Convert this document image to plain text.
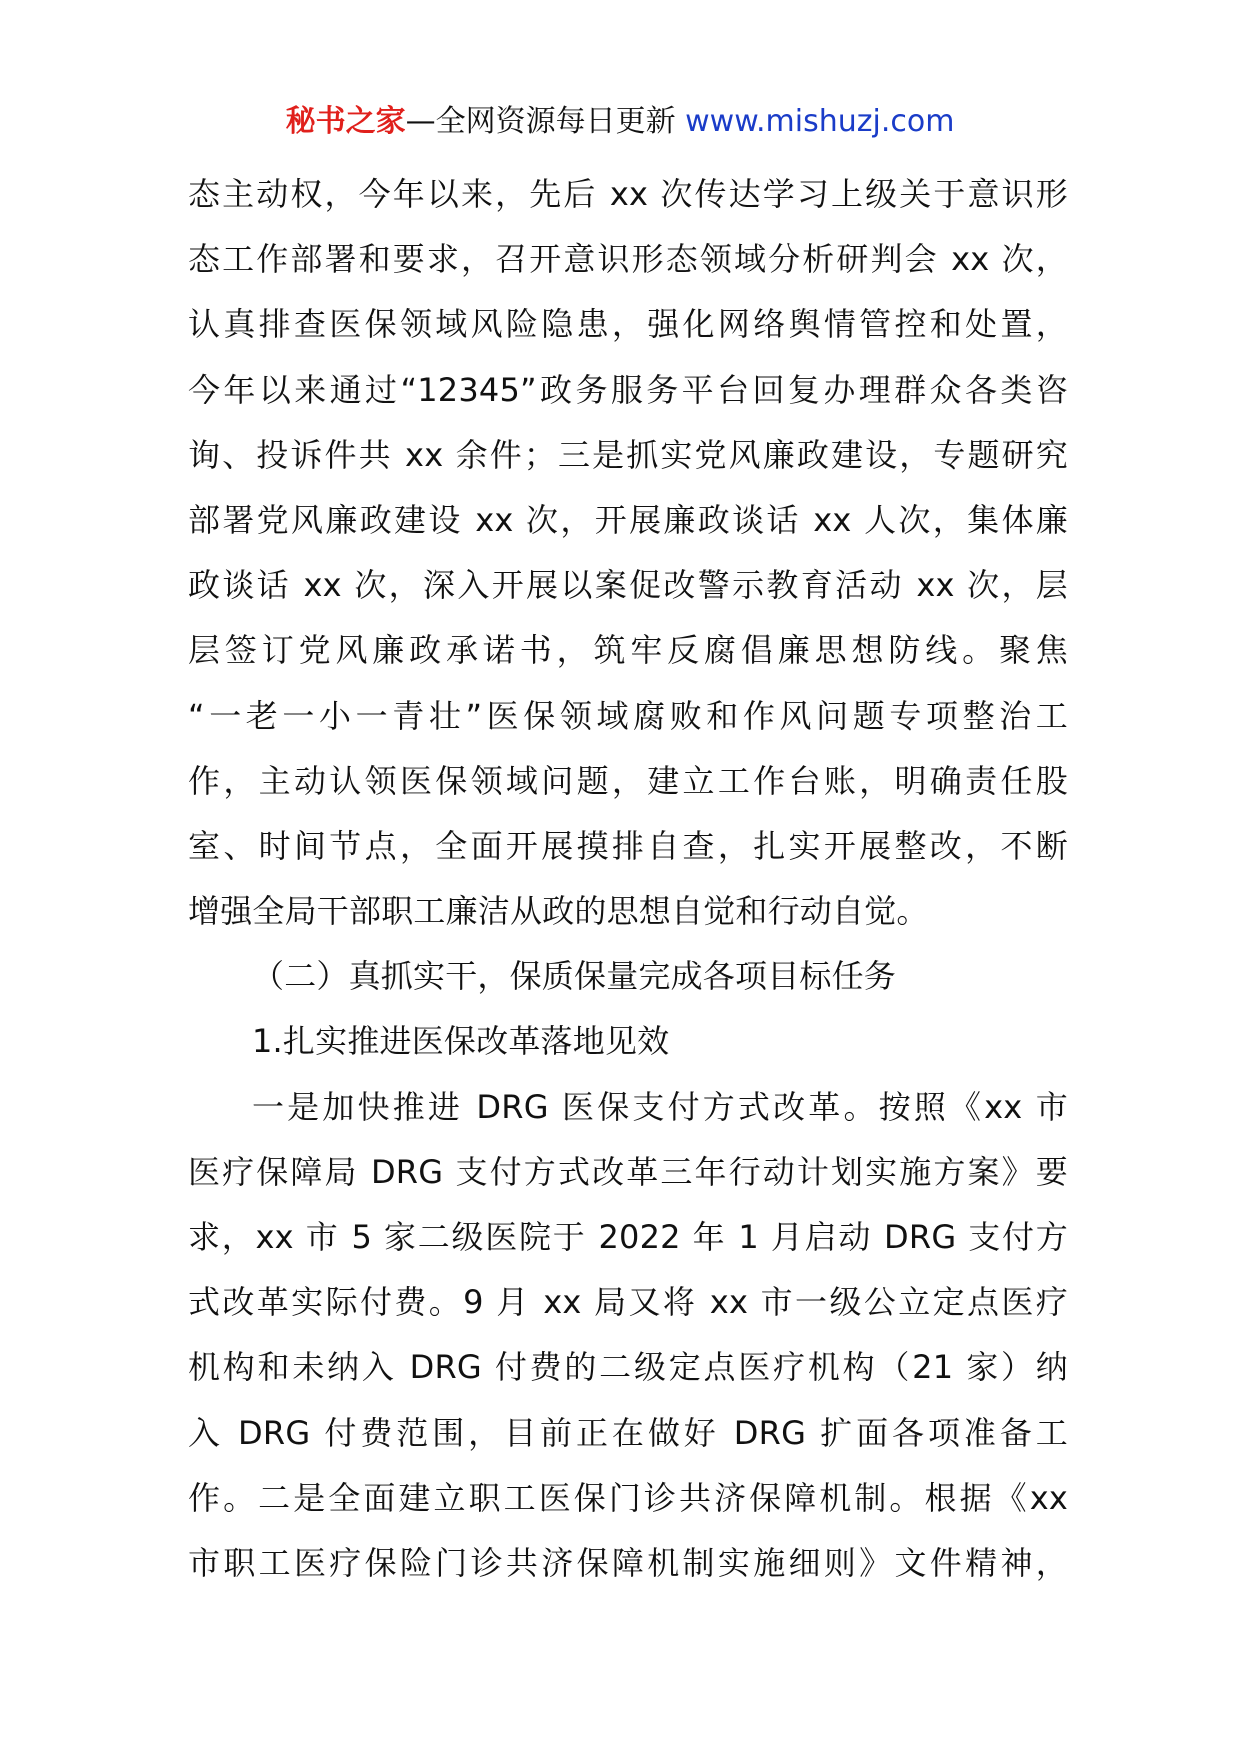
秘书之家—全网资源每日更新 www.mishuzj.com
态主动权，今年以来，先后 xx 次传达学习上级关于意识形
态工作部署和要求，召开意识形态领域分析研判会 xx 次，
认真排查医保领域风险隐患，强化网络舆情管控和处置，
今年以来通过“12345”政务服务平台回复办理群众各类咨
询、投诉件共 xx 余件；三是抓实党风廉政建设，专题研究
部署党风廉政建设 xx 次，开展廉政谈话 xx 人次，集体廉
政谈话 xx 次，深入开展以案促改警示教育活动 xx 次，层
层签订党风廉政承诺书，筑牢反腐倡廉思想防线。聚焦
“一老一小一青壮”医保领域腐败和作风问题专项整治工
作，主动认领医保领域问题，建立工作台账，明确责任股
室、时间节点，全面开展摸排自查，扎实开展整改，不断
增强全局干部职工廉洁从政的思想自觉和行动自觉。
（二）真抓实干，保质保量完成各项目标任务
1.扎实推进医保改革落地见效
一是加快推进 DRG 医保支付方式改革。按照《xx 市
医疗保障局 DRG 支付方式改革三年行动计划实施方案》要
求，xx 市 5 家二级医院于 2022 年 1 月启动 DRG 支付方
式改革实际付费。9 月 xx 局又将 xx 市一级公立定点医疗
机构和未纳入 DRG 付费的二级定点医疗机构（21 家）纳
入 DRG 付费范围，目前正在做好 DRG 扩面各项准备工
作。二是全面建立职工医保门诊共济保障机制。根据《xx
市职工医疗保险门诊共济保障机制实施细则》文件精神，
